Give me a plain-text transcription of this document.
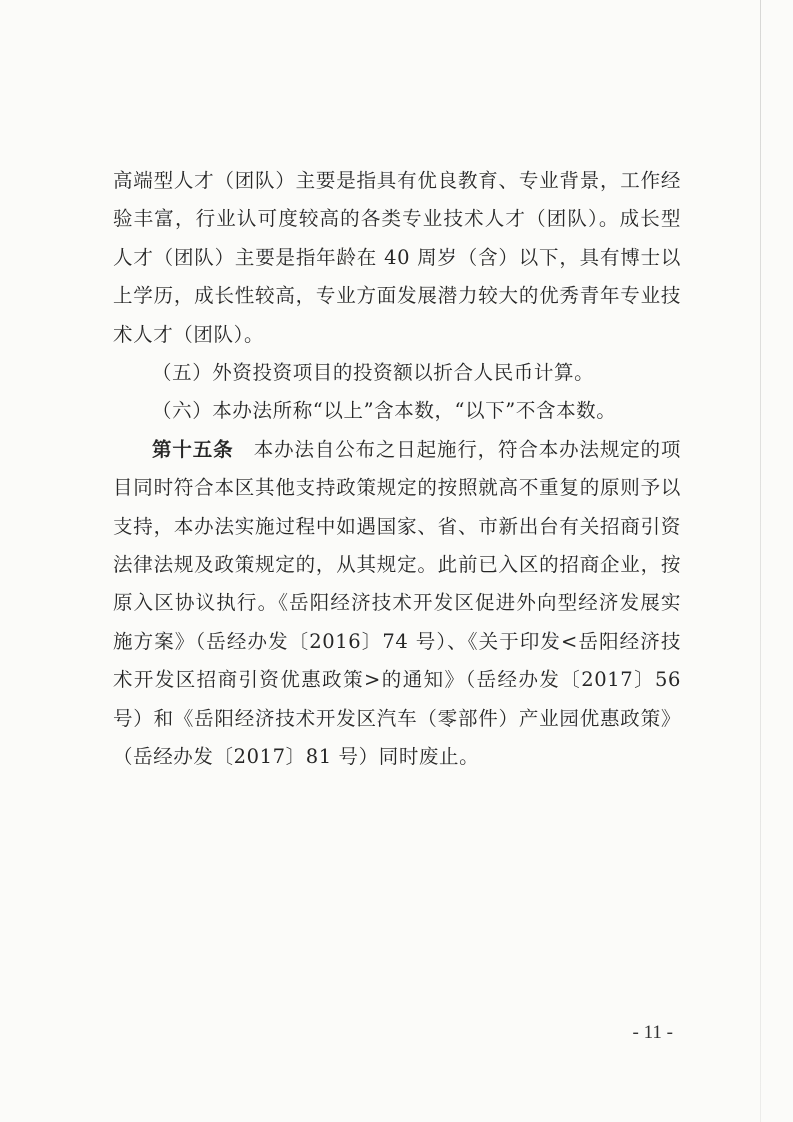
高端型人才（团队）主要是指具有优良教育、专业背景，工作经验丰富，行业认可度较高的各类专业技术人才（团队）。成长型人才（团队）主要是指年龄在 40 周岁（含）以下，具有博士以上学历，成长性较高，专业方面发展潜力较大的优秀青年专业技术人才（团队）。

（五）外资投资项目的投资额以折合人民币计算。

（六）本办法所称“以上”含本数，“以下”不含本数。

第十五条　 本办法自公布之日起施行，符合本办法规定的项目同时符合本区其他支持政策规定的按照就高不重复的原则予以支持，本办法实施过程中如遇国家、省、市新出台有关招商引资法律法规及政策规定的，从其规定。此前已入区的招商企业，按原入区协议执行。《岳阳经济技术开发区促进外向型经济发展实施方案》（岳经办发〔2016〕74 号）、《关于印发<岳阳经济技术开发区招商引资优惠政策>的通知》（岳经办发〔2017〕56 号）和《岳阳经济技术开发区汽车（零部件）产业园优惠政策》（岳经办发〔2017〕81 号）同时废止。

- 11 -
